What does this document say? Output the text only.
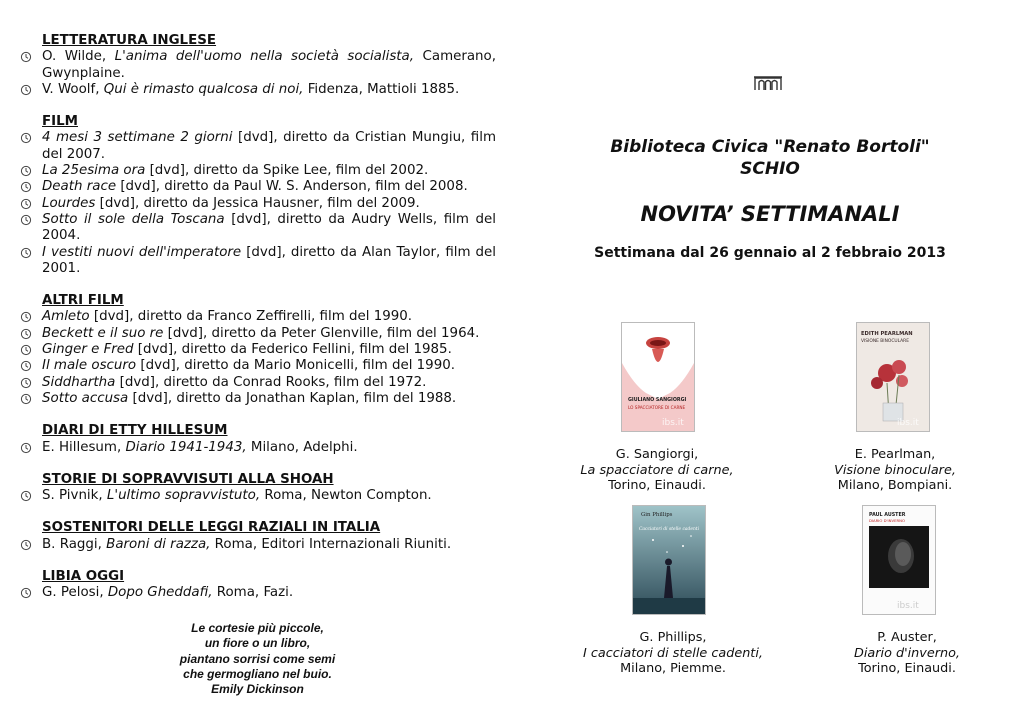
LETTERATURA INGLESE
O. Wilde, L'anima dell'uomo nella società socialista, Camerano, Gwynplaine.
V. Woolf, Qui è rimasto qualcosa di noi, Fidenza, Mattioli 1885.
FILM
4 mesi 3 settimane 2 giorni [dvd], diretto da Cristian Mungiu, film del 2007.
La 25esima ora [dvd], diretto da Spike Lee, film del 2002.
Death race [dvd], diretto da Paul W. S. Anderson, film del 2008.
Lourdes [dvd], diretto da Jessica Hausner, film del 2009.
Sotto il sole della Toscana [dvd], diretto da Audry Wells, film del 2004.
I vestiti nuovi dell'imperatore [dvd], diretto da Alan Taylor, film del 2001.
ALTRI FILM
Amleto [dvd], diretto da Franco Zeffirelli, film del 1990.
Beckett e il suo re [dvd], diretto da Peter Glenville, film del 1964.
Ginger e Fred [dvd], diretto da Federico Fellini, film del 1985.
Il male oscuro [dvd], diretto da Mario Monicelli, film del 1990.
Siddhartha [dvd], diretto da Conrad Rooks, film del 1972.
Sotto accusa [dvd], diretto da Jonathan Kaplan, film del 1988.
DIARI DI ETTY HILLESUM
E. Hillesum, Diario 1941-1943, Milano, Adelphi.
STORIE DI SOPRAVVISUTI ALLA SHOAH
S. Pivnik, L'ultimo sopravvistuto, Roma, Newton Compton.
SOSTENITORI DELLE LEGGI RAZIALI IN ITALIA
B. Raggi, Baroni di razza, Roma, Editori Internazionali Riuniti.
LIBIA OGGI
G. Pelosi, Dopo Gheddafi, Roma, Fazi.
Le cortesie più piccole,
un fiore o un libro,
piantano sorrisi come semi
che germogliano nel buio.
Emily Dickinson
Biblioteca Civica "Renato Bortoli"
SCHIO
NOVITA’ SETTIMANALI
Settimana dal 26 gennaio al 2 febbraio 2013
GIULIANO SANGIORGI
LO SPACCIATORE DI CARNE
ibs.it
G. Sangiorgi,
La spacciatore di carne,
Torino, Einaudi.
EDITH PEARLMAN
VISIONE BINOCULARE
ibs.it
E. Pearlman,
Visione binoculare,
Milano, Bompiani.
Gin Phillips
Cacciatori di stelle cadenti
G. Phillips,
I cacciatori di stelle cadenti,
Milano, Piemme.
PAUL AUSTER
DIARIO D'INVERNO
ibs.it
P. Auster,
Diario d'inverno,
Torino, Einaudi.
